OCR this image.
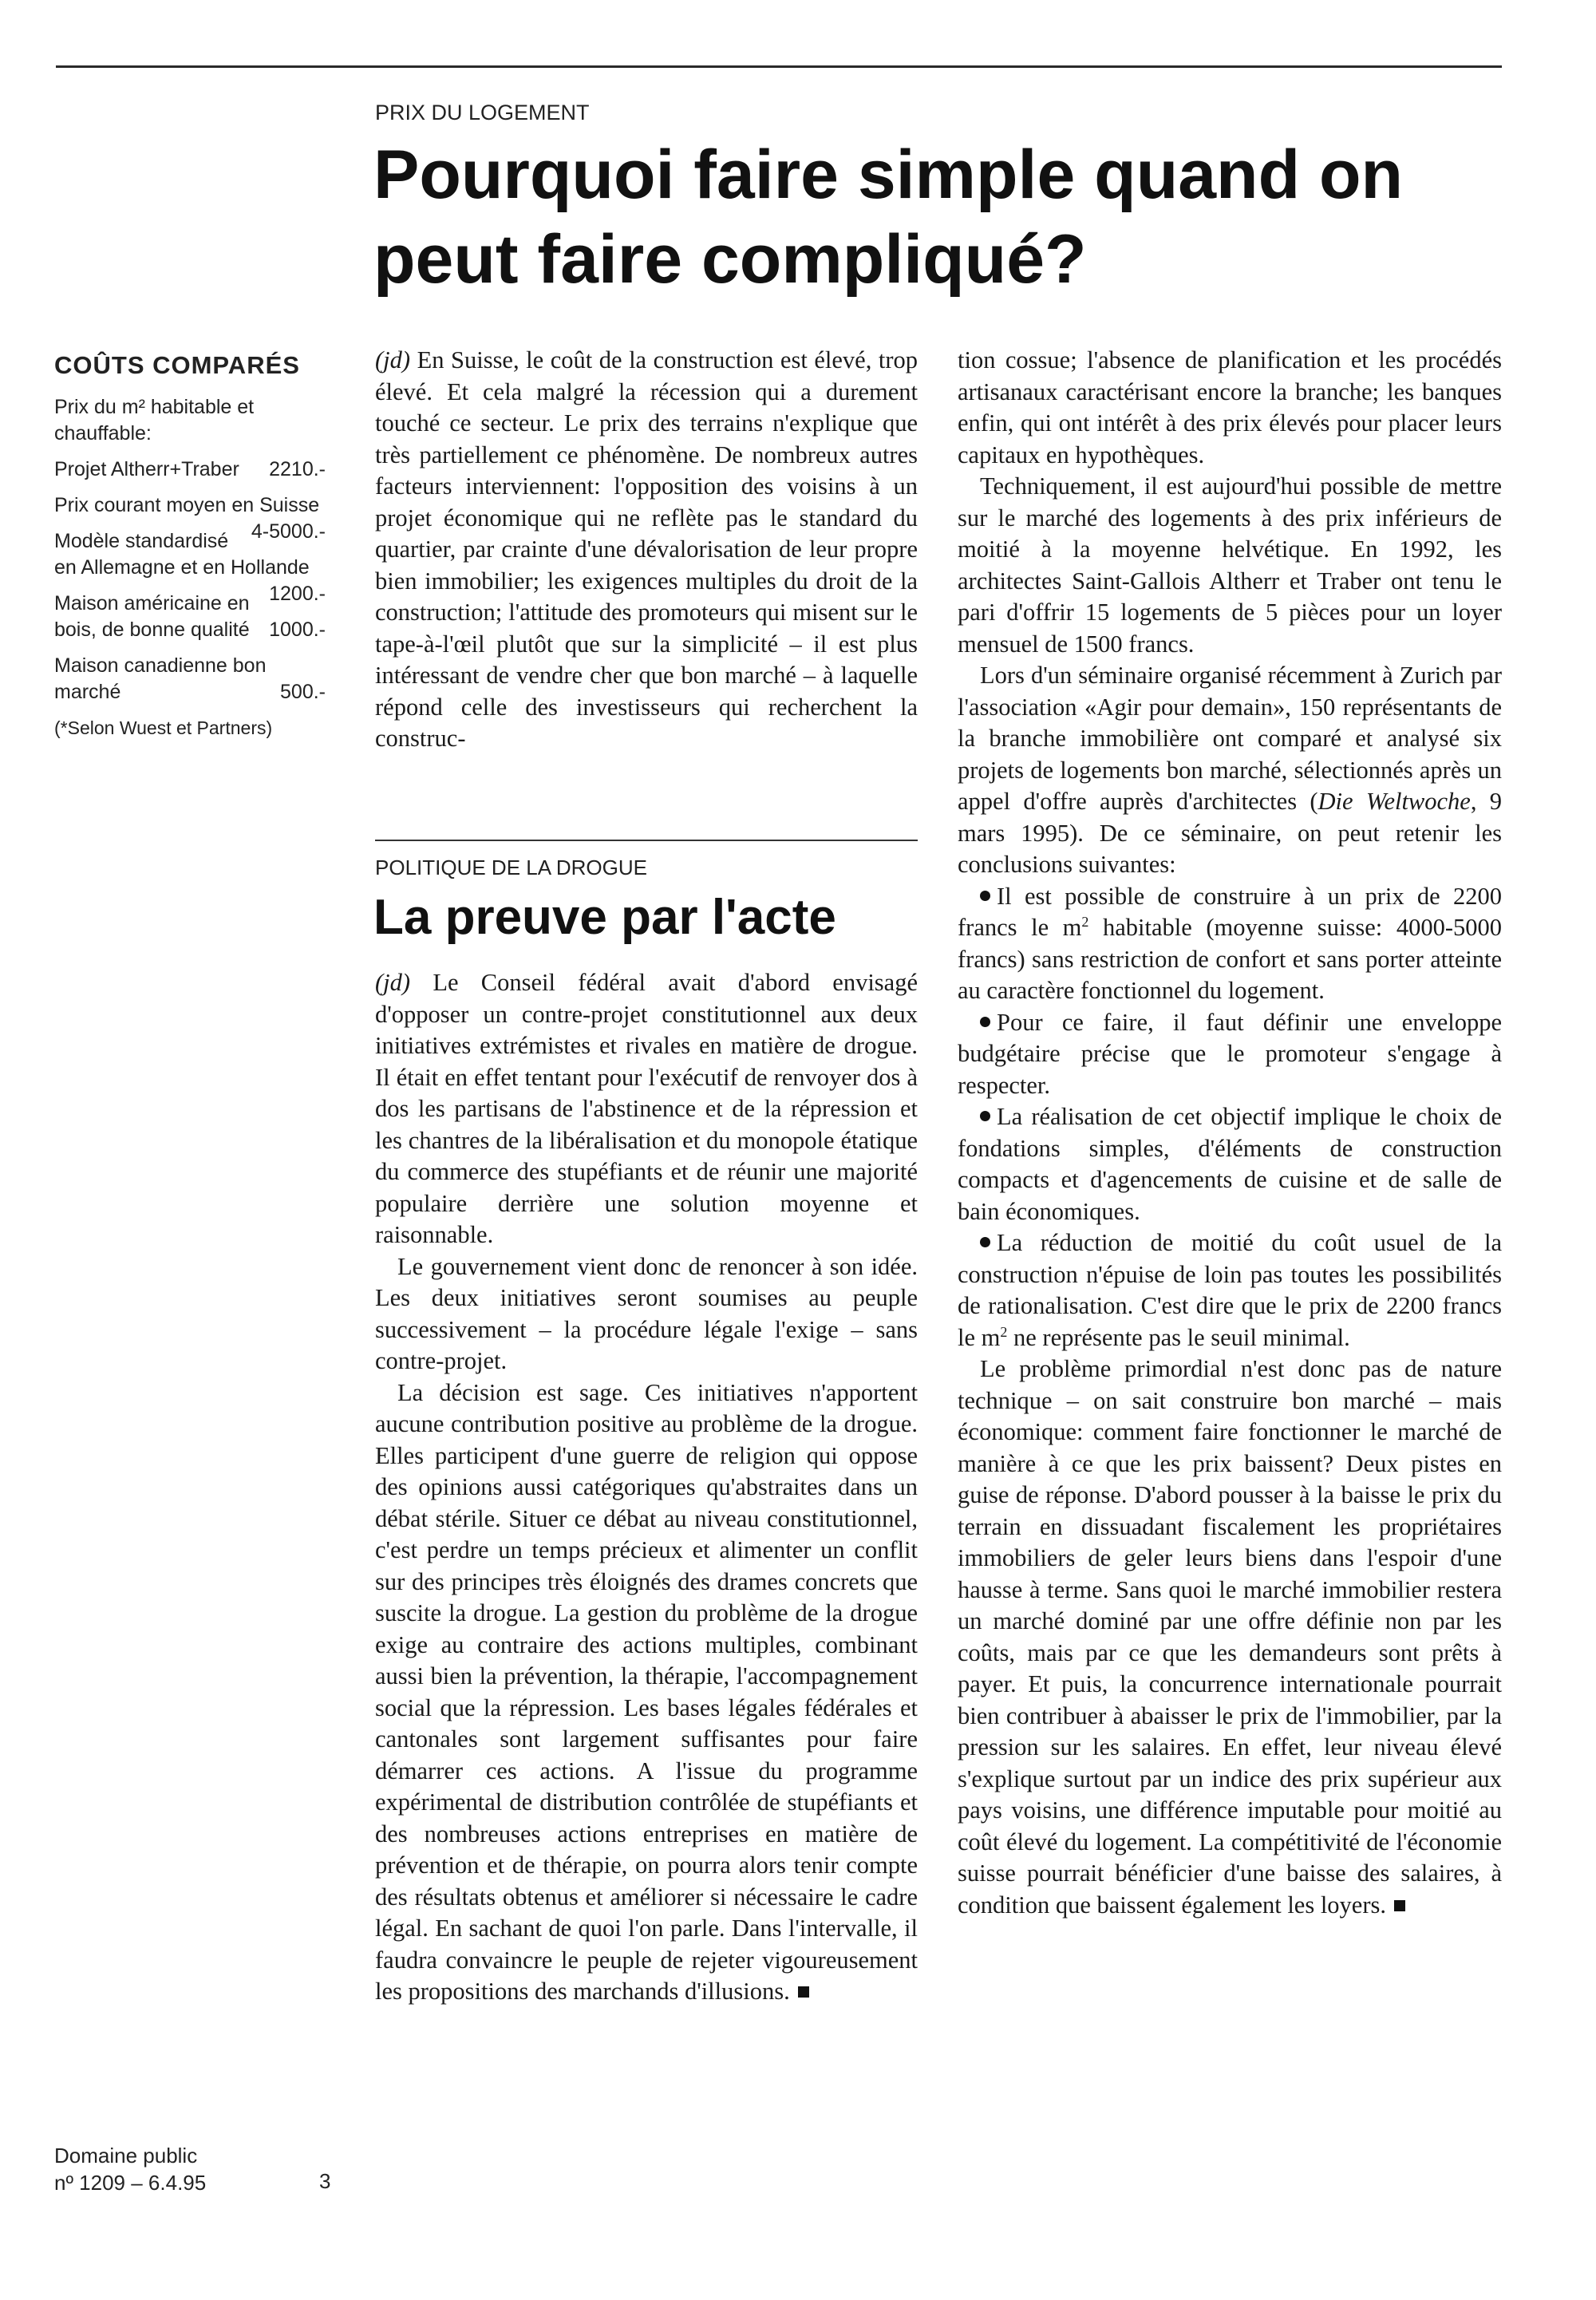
COÛTS COMPARÉS
Prix du m² habitable et chauffable:
Projet Altherr+Traber 2210.-
Prix courant moyen en Suisse
4-5000.-
Modèle standardisé en Allemagne et en Hollande
1200.-
Maison américaine en bois, de bonne qualité 1000.-
Maison canadienne bon marché	500.-
(*Selon Wuest et Partners)
Domaine public
nº 1209 – 6.4.95	3
PRIX DU LOGEMENT
Pourquoi faire simple quand on peut faire compliqué?

(jd) En Suisse, le coût de la construction est élevé, trop élevé. Et cela malgré la récession qui a durement touché ce secteur. Le prix des terrains n'explique que très partiellement ce phénomène. De nombreux autres facteurs interviennent: l'opposition des voisins à un projet économique qui ne reflète pas le standard du quartier, par crainte d'une dévalorisation de leur propre bien immobilier; les exigences multiples du droit de la construction; l'attitude des promoteurs qui misent sur le tape-à-l'œil plutôt que sur la simplicité – il est plus intéressant de vendre cher que bon marché – à laquelle répond celle des investisseurs qui recherchent la construc-

POLITIQUE DE LA DROGUE
La preuve par l'acte

(jd) Le Conseil fédéral avait d'abord envisagé d'opposer un contre-projet constitutionnel aux deux initiatives extrémistes et rivales en matière de drogue. Il était en effet tentant pour l'exécutif de renvoyer dos à dos les partisans de l'abstinence et de la répression et les chantres de la libéralisation et du monopole étatique du commerce des stupéfiants et de réunir une majorité populaire derrière une solution moyenne et raisonnable.

Le gouvernement vient donc de renoncer à son idée. Les deux initiatives seront soumises au peuple successivement – la procédure légale l'exige – sans contre-projet.

La décision est sage. Ces initiatives n'apportent aucune contribution positive au problème de la drogue. Elles participent d'une guerre de religion qui oppose des opinions aussi catégoriques qu'abstraites dans un débat stérile. Situer ce débat au niveau constitutionnel, c'est perdre un temps précieux et alimenter un conflit sur des principes très éloignés des drames concrets que suscite la drogue. La gestion du problème de la drogue exige au contraire des actions multiples, combinant aussi bien la prévention, la thérapie, l'accompagnement social que la répression. Les bases légales fédérales et cantonales sont largement suffisantes pour faire démarrer ces actions. A l'issue du programme expérimental de distribution contrôlée de stupéfiants et des nombreuses actions entreprises en matière de prévention et de thérapie, on pourra alors tenir compte des résultats obtenus et améliorer si nécessaire le cadre légal. En sachant de quoi l'on parle. Dans l'intervalle, il faudra convaincre le peuple de rejeter vigoureusement les propositions des marchands d'illusions.

tion cossue; l'absence de planification et les procédés artisanaux caractérisant encore la branche; les banques enfin, qui ont intérêt à des prix élevés pour placer leurs capitaux en hypothèques.

Techniquement, il est aujourd'hui possible de mettre sur le marché des logements à des prix inférieurs de moitié à la moyenne helvétique. En 1992, les architectes Saint-Gallois Altherr et Traber ont tenu le pari d'offrir 15 logements de 5 pièces pour un loyer mensuel de 1500 francs.

Lors d'un séminaire organisé récemment à Zurich par l'association «Agir pour demain», 150 représentants de la branche immobilière ont comparé et analysé six projets de logements bon marché, sélectionnés après un appel d'offre auprès d'architectes (Die Weltwoche, 9 mars 1995). De ce séminaire, on peut retenir les conclusions suivantes:

Il est possible de construire à un prix de 2200 francs le $m^2$ habitable (moyenne suisse: 4000-5000 francs) sans restriction de confort et sans porter atteinte au caractère fonctionnel du logement.

Pour ce faire, il faut définir une enveloppe budgétaire précise que le promoteur s'engage à respecter.

La réalisation de cet objectif implique le choix de fondations simples, d'éléments de construction compacts et d'agencements de cuisine et de salle de bain économiques.

La réduction de moitié du coût usuel de la construction n'épuise de loin pas toutes les possibilités de rationalisation. C'est dire que le prix de 2200 francs le $m^2$ ne représente pas le seuil minimal.

Le problème primordial n'est donc pas de nature technique – on sait construire bon marché – mais économique: comment faire fonctionner le marché de manière à ce que les prix baissent? Deux pistes en guise de réponse. D'abord pousser à la baisse le prix du terrain en dissuadant fiscalement les propriétaires immobiliers de geler leurs biens dans l'espoir d'une hausse à terme. Sans quoi le marché immobilier restera un marché dominé par une offre définie non par les coûts, mais par ce que les demandeurs sont prêts à payer. Et puis, la concurrence internationale pourrait bien contribuer à abaisser le prix de l'immobilier, par la pression sur les salaires. En effet, leur niveau élevé s'explique surtout par un indice des prix supérieur aux pays voisins, une différence imputable pour moitié au coût élevé du logement. La compétitivité de l'économie suisse pourrait bénéficier d'une baisse des salaires, à condition que baissent également les loyers.
